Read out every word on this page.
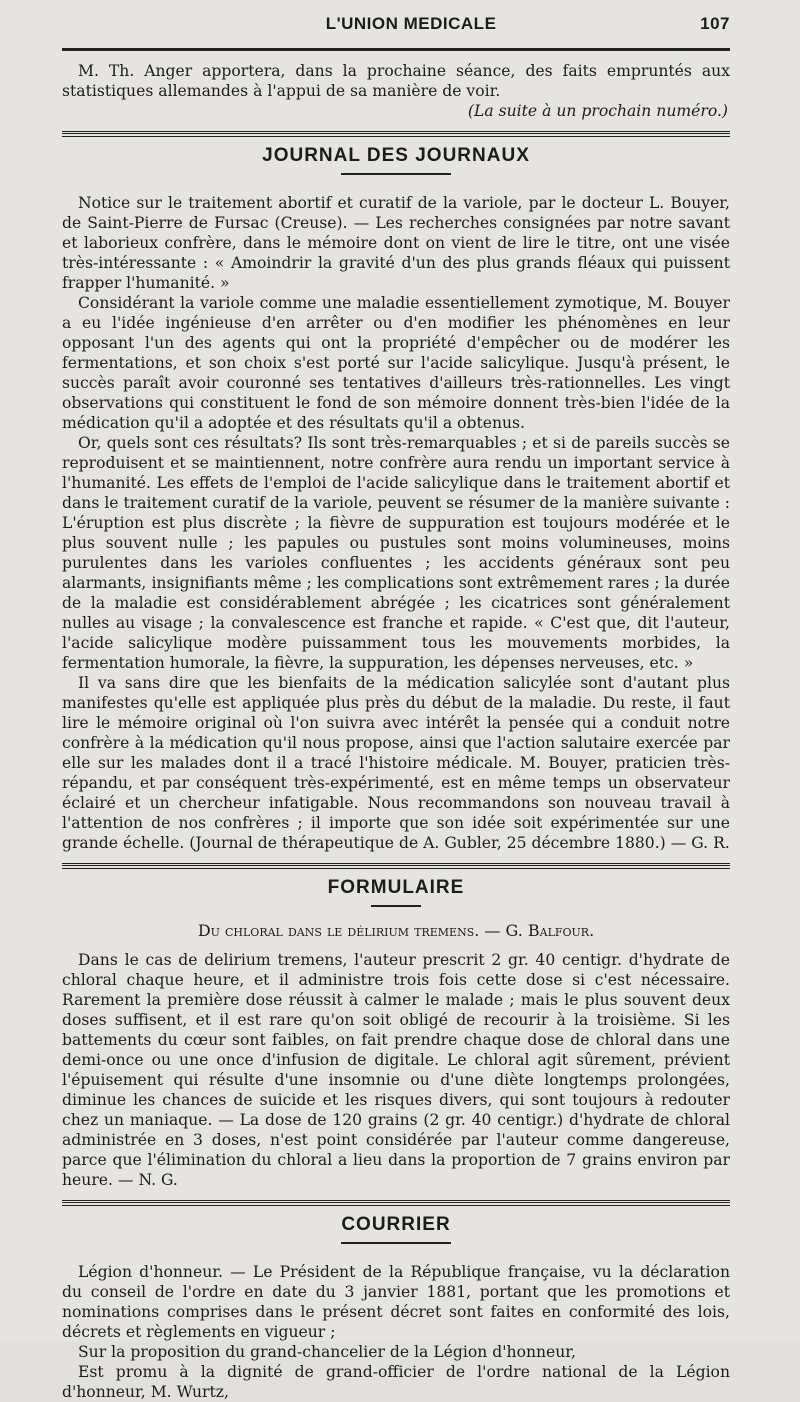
L'UNION MEDICALE	107

M. Th. Anger apportera, dans la prochaine séance, des faits empruntés aux statistiques allemandes à l'appui de sa manière de voir.

(La suite à un prochain numéro.)

JOURNAL DES JOURNAUX

Notice sur le traitement abortif et curatif de la variole, par le docteur L. Bouyer, de Saint-Pierre de Fursac (Creuse). — Les recherches consignées par notre savant et laborieux confrère, dans le mémoire dont on vient de lire le titre, ont une visée très-intéressante : « Amoindrir la gravité d'un des plus grands fléaux qui puissent frapper l'humanité. »

Considérant la variole comme une maladie essentiellement zymotique, M. Bouyer a eu l'idée ingénieuse d'en arrêter ou d'en modifier les phénomènes en leur opposant l'un des agents qui ont la propriété d'empêcher ou de modérer les fermentations, et son choix s'est porté sur l'acide salicylique. Jusqu'à présent, le succès paraît avoir couronné ses tentatives d'ailleurs très-rationnelles. Les vingt observations qui constituent le fond de son mémoire donnent très-bien l'idée de la médication qu'il a adoptée et des résultats qu'il a obtenus.

Or, quels sont ces résultats? Ils sont très-remarquables ; et si de pareils succès se reproduisent et se maintiennent, notre confrère aura rendu un important service à l'humanité. Les effets de l'emploi de l'acide salicylique dans le traitement abortif et dans le traitement curatif de la variole, peuvent se résumer de la manière suivante : L'éruption est plus discrète ; la fièvre de suppuration est toujours modérée et le plus souvent nulle ; les papules ou pustules sont moins volumineuses, moins purulentes dans les varioles confluentes ; les accidents généraux sont peu alarmants, insignifiants même ; les complications sont extrêmement rares ; la durée de la maladie est considérablement abrégée ; les cicatrices sont généralement nulles au visage ; la convalescence est franche et rapide. « C'est que, dit l'auteur, l'acide salicylique modère puissamment tous les mouvements morbides, la fermentation humorale, la fièvre, la suppuration, les dépenses nerveuses, etc. »

Il va sans dire que les bienfaits de la médication salicylée sont d'autant plus manifestes qu'elle est appliquée plus près du début de la maladie. Du reste, il faut lire le mémoire original où l'on suivra avec intérêt la pensée qui a conduit notre confrère à la médication qu'il nous propose, ainsi que l'action salutaire exercée par elle sur les malades dont il a tracé l'histoire médicale. M. Bouyer, praticien très-répandu, et par conséquent très-expérimenté, est en même temps un observateur éclairé et un chercheur infatigable. Nous recommandons son nouveau travail à l'attention de nos confrères ; il importe que son idée soit expérimentée sur une grande échelle. (Journal de thérapeutique de A. Gubler, 25 décembre 1880.) — G. R.

FORMULAIRE
Du chloral dans le délirium tremens. — G. Balfour.

Dans le cas de delirium tremens, l'auteur prescrit 2 gr. 40 centigr. d'hydrate de chloral chaque heure, et il administre trois fois cette dose si c'est nécessaire. Rarement la première dose réussit à calmer le malade ; mais le plus souvent deux doses suffisent, et il est rare qu'on soit obligé de recourir à la troisième. Si les battements du cœur sont faibles, on fait prendre chaque dose de chloral dans une demi-once ou une once d'infusion de digitale. Le chloral agit sûrement, prévient l'épuisement qui résulte d'une insomnie ou d'une diète longtemps prolongées, diminue les chances de suicide et les risques divers, qui sont toujours à redouter chez un maniaque. — La dose de 120 grains (2 gr. 40 centigr.) d'hydrate de chloral administrée en 3 doses, n'est point considérée par l'auteur comme dangereuse, parce que l'élimination du chloral a lieu dans la proportion de 7 grains environ par heure. — N. G.

COURRIER

Légion d'honneur. — Le Président de la République française, vu la déclaration du conseil de l'ordre en date du 3 janvier 1881, portant que les promotions et nominations comprises dans le présent décret sont faites en conformité des lois, décrets et règlements en vigueur ;

Sur la proposition du grand-chancelier de la Légion d'honneur,

Est promu à la dignité de grand-officier de l'ordre national de la Légion d'honneur, M. Wurtz,
